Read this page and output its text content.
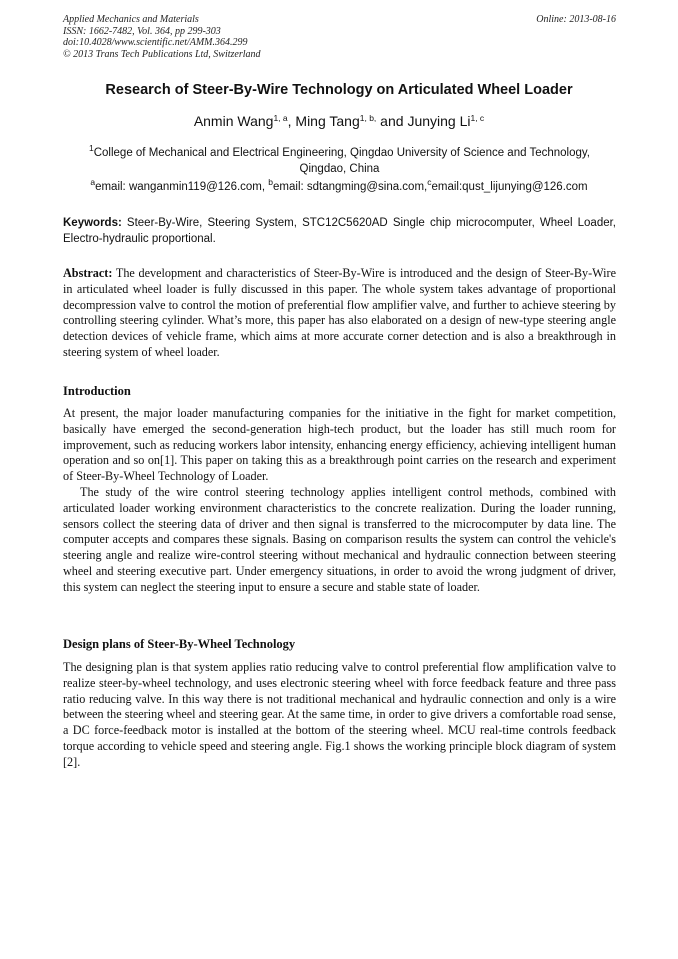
Applied Mechanics and Materials
ISSN: 1662-7482, Vol. 364, pp 299-303
doi:10.4028/www.scientific.net/AMM.364.299
© 2013 Trans Tech Publications Ltd, Switzerland
Online: 2013-08-16
Research of Steer-By-Wire Technology on Articulated Wheel Loader
Anmin Wang$^{1, a}$, Ming Tang$^{1, b,}$ and Junying Li$^{1, c}$
$^1$College of Mechanical and Electrical Engineering, Qingdao University of Science and Technology,
Qingdao, China
$^a$email: wanganmin119@126.com, $^b$email: sdtangming@sina.com,$^c$email:qust_lijunying@126.com
Keywords: Steer-By-Wire, Steering System, STC12C5620AD Single chip microcomputer, Wheel Loader, Electro-hydraulic proportional.

Abstract: The development and characteristics of Steer-By-Wire is introduced and the design of Steer-By-Wire in articulated wheel loader is fully discussed in this paper. The whole system takes advantage of proportional decompression valve to control the motion of preferential flow amplifier valve, and further to achieve steering by controlling steering cylinder. What’s more, this paper has also elaborated on a design of new-type steering angle detection devices of vehicle frame, which aims at more accurate corner detection and is also a breakthrough in steering system of wheel loader.

Introduction

At present, the major loader manufacturing companies for the initiative in the fight for market competition, basically have emerged the second-generation high-tech product, but the loader has still much room for improvement, such as reducing workers labor intensity, enhancing energy efficiency, achieving intelligent human operation and so on[1]. This paper on taking this as a breakthrough point carries on the research and experiment of Steer-By-Wheel Technology of Loader.

The study of the wire control steering technology applies intelligent control methods, combined with articulated loader working environment characteristics to the concrete realization. During the loader running, sensors collect the steering data of driver and then signal is transferred to the microcomputer by data line. The computer accepts and compares these signals. Basing on comparison results the system can control the vehicle's steering angle and realize wire-control steering without mechanical and hydraulic connection between steering wheel and steering executive part. Under emergency situations, in order to avoid the wrong judgment of driver, this system can neglect the steering input to ensure a secure and stable state of loader.

Design plans of Steer-By-Wheel Technology

The designing plan is that system applies ratio reducing valve to control preferential flow amplification valve to realize steer-by-wheel technology, and uses electronic steering wheel with force feedback feature and three pass ratio reducing valve. In this way there is not traditional mechanical and hydraulic connection and only is a wire between the steering wheel and steering gear. At the same time, in order to give drivers a comfortable road sense, a DC force-feedback motor is installed at the bottom of the steering wheel. MCU real-time controls feedback torque according to vehicle speed and steering angle. Fig.1 shows the working principle block diagram of system [2].
